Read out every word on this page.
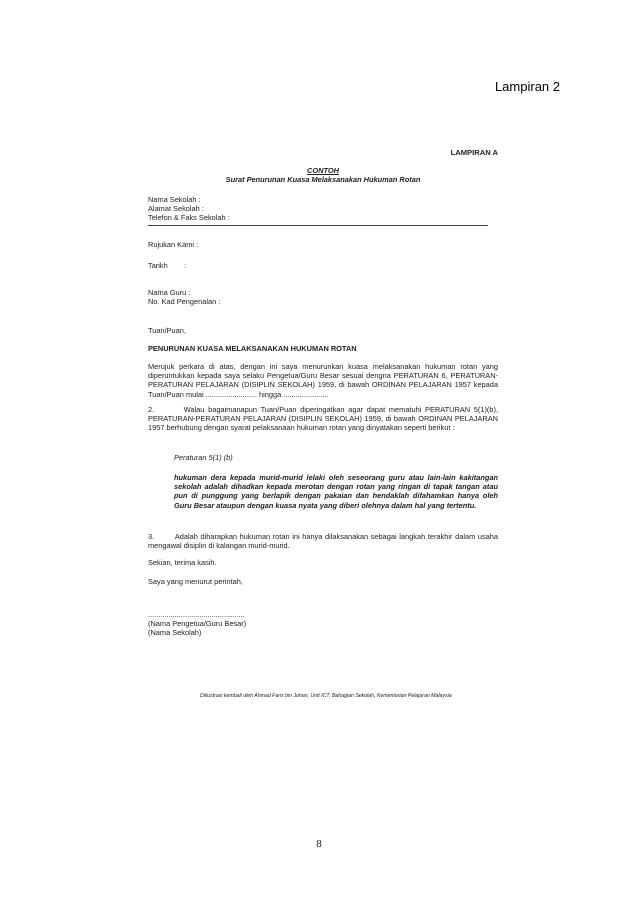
Lampiran 2
LAMPIRAN A
CONTOH
Surat Penurunan Kuasa Melaksanakan Hukuman Rotan
Nama Sekolah :
Alamat Sekolah :
Telefon & Faks Sekolah :
Rujukan Kami :
Tarikh        :
Nama Guru :
No. Kad Pengenalan :
Tuan/Puan,
PENURUNAN KUASA MELAKSANAKAN HUKUMAN ROTAN
Merujuk perkara di atas, dengan ini saya menurunkan kuasa melaksanakan hukuman rotan yang diperuntukkan kepada saya selaku Pengetua/Guru Besar sesuai dengna PERATURAN 6, PERATURAN-PERATURAN PELAJARAN (DISIPLIN SEKOLAH) 1959, di bawah ORDINAN PELAJARAN 1957 kepada Tuan/Puan mulai ......................... hingga ......................
2.        Walau bagaimanapun Tuan/Puan diperingatkan agar dapat mematuhi PERATURAN 5(1)(b), PERATURAN-PERATURAN PELAJARAN (DISIPLIN SEKOLAH) 1959, di bawah ORDINAN PELAJARAN 1957 berhubung dengan syarat pelaksanaan hukuman rotan yang dinyatakan seperti berikut :
Peraturan 5(1) (b)
hukuman dera kepada murid-murid lelaki oleh seseorang guru atau lain-lain kakitangan sekolah adalah dihadkan kepada merotan dengan rotan yang ringan di tapak tangan atau pun di punggung yang berlapik dengan pakaian dan hendaklah difahamkan hanya oleh Guru Besar ataupun dengan kuasa nyata yang diberi olehnya dalam hal yang tertentu.
3.        Adalah diharapkan hukuman rotan ini hanya dilaksanakan sebagai langkah terakhir dalam usaha mengawal disiplin di kalangan murid-murid.
Sekian, terima kasih.
Saya yang menurut perintah,
...............................................
(Nama Pengetua/Guru Besar)
(Nama Sekolah)
Diilustrasi kembali oleh Ahmad Faris bin Johan, Unit ICT, Bahagian Sekolah, Kementerian Pelajaran Malaysia
8
